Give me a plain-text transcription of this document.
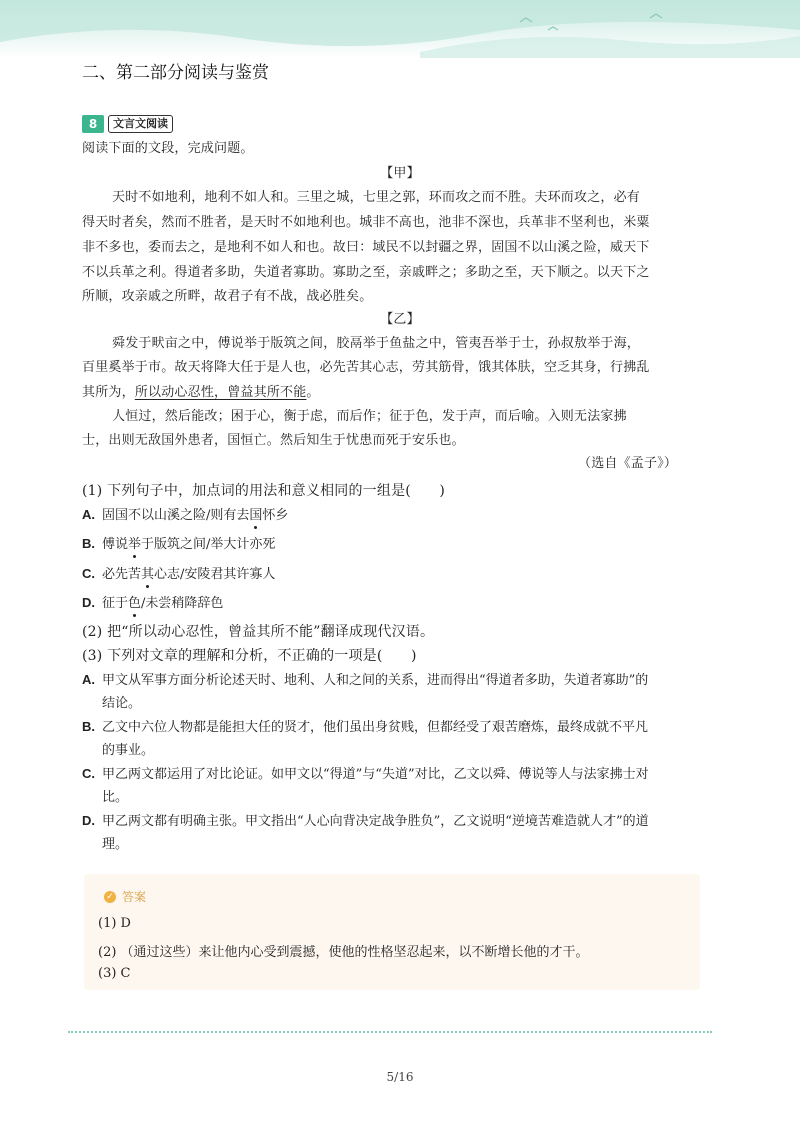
二、第二部分阅读与鉴赏
8	文言文阅读
阅读下面的文段，完成问题。
【甲】
天时不如地利，地利不如人和。三里之城，七里之郭，环而攻之而不胜。夫环而攻之，必有
得天时者矣，然而不胜者，是天时不如地利也。城非不高也，池非不深也，兵革非不坚利也，米粟
非不多也，委而去之，是地利不如人和也。故曰：域民不以封疆之界，固国不以山溪之险，威天下
不以兵革之利。得道者多助，失道者寡助。寡助之至，亲戚畔之；多助之至，天下顺之。以天下之
所顺，攻亲戚之所畔，故君子有不战，战必胜矣。
【乙】
舜发于畎亩之中，傅说举于版筑之间，胶鬲举于鱼盐之中，管夷吾举于士，孙叔敖举于海，
百里奚举于市。故天将降大任于是人也，必先苦其心志，劳其筋骨，饿其体肤，空乏其身，行拂乱
其所为，所以动心忍性，曾益其所不能。
人恒过，然后能改；困于心，衡于虑，而后作；征于色，发于声，而后喻。入则无法家拂
士，出则无敌国外患者，国恒亡。然后知生于忧患而死于安乐也。
（选自《孟子》）
(1) 下列句子中，加点词的用法和意义相同的一组是(　　)
A. 固国不以山溪之险/则有去国怀乡
B. 傅说举于版筑之间/举大计亦死
C. 必先苦其心志/安陵君其许寡人
D. 征于色/未尝稍降辞色
(2) 把“所以动心忍性，曾益其所不能”翻译成现代汉语。
(3) 下列对文章的理解和分析，不正确的一项是(　　)
A. 甲文从军事方面分析论述天时、地利、人和之间的关系，进而得出“得道者多助，失道者寡助”的
结论。
B. 乙文中六位人物都是能担大任的贤才，他们虽出身贫贱，但都经受了艰苦磨炼，最终成就不平凡
的事业。
C. 甲乙两文都运用了对比论证。如甲文以“得道”与“失道”对比，乙文以舜、傅说等人与法家拂士对
比。
D. 甲乙两文都有明确主张。甲文指出“人心向背决定战争胜负”，乙文说明“逆境苦难造就人才”的道
理。
✓ 答案
(1) D
(2) （通过这些）来让他内心受到震撼，使他的性格坚忍起来，以不断增长他的才干。
(3) C
5/16
